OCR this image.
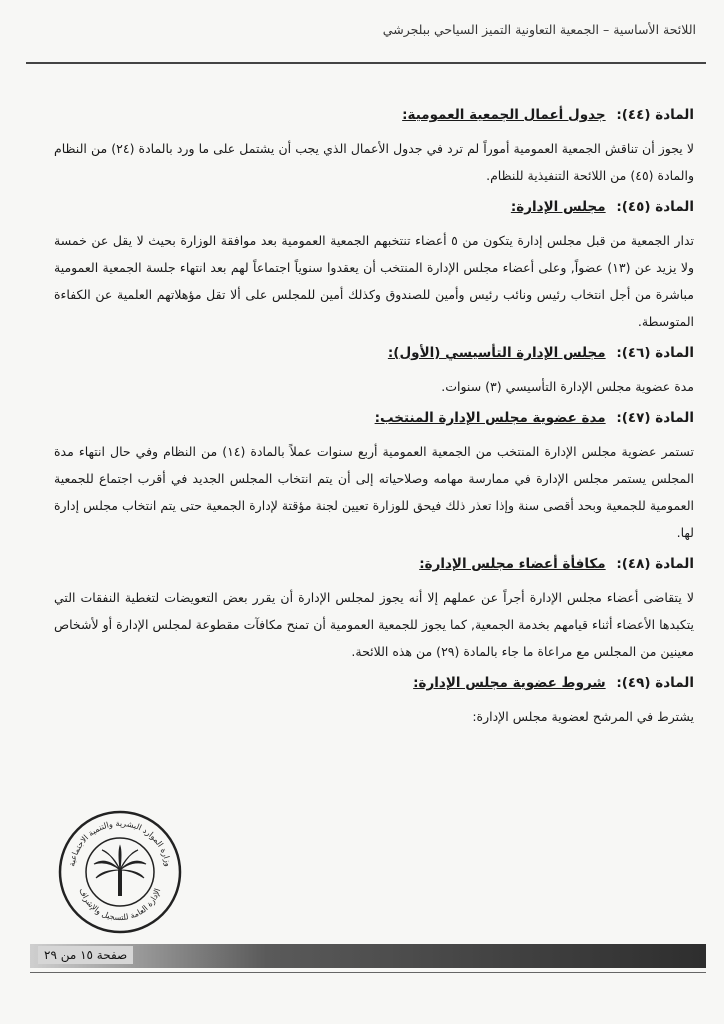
اللائحة الأساسية – الجمعية التعاونية التميز السياحي ببلجرشي
المادة (٤٤): جدول أعمال الجمعية العمومية:

لا يجوز أن تناقش الجمعية العمومية أموراً لم ترد في جدول الأعمال الذي يجب أن يشتمل على ما ورد بالمادة (٢٤) من النظام والمادة (٤٥) من اللائحة التنفيذية للنظام.

المادة (٤٥): مجلس الإدارة:

تدار الجمعية من قبل مجلس إدارة يتكون من ٥ أعضاء تنتخبهم الجمعية العمومية بعد موافقة الوزارة بحيث لا يقل عن خمسة ولا يزيد عن (١٣) عضواً, وعلى أعضاء مجلس الإدارة المنتخب أن يعقدوا سنوياً اجتماعاً لهم بعد انتهاء جلسة الجمعية العمومية مباشرة من أجل انتخاب رئيس ونائب رئيس وأمين للصندوق وكذلك أمين للمجلس على ألا تقل مؤهلاتهم العلمية عن الكفاءة المتوسطة.

المادة (٤٦): مجلس الإدارة التأسيسي (الأول):

مدة عضوية مجلس الإدارة التأسيسي (٣) سنوات.

المادة (٤٧): مدة عضوية مجلس الإدارة المنتخب:

تستمر عضوية مجلس الإدارة المنتخب من الجمعية العمومية أربع سنوات عملاً بالمادة (١٤) من النظام وفي حال انتهاء مدة المجلس يستمر مجلس الإدارة في ممارسة مهامه وصلاحياته إلى أن يتم انتخاب المجلس الجديد في أقرب اجتماع للجمعية العمومية للجمعية وبحد أقصى سنة وإذا تعذر ذلك فيحق للوزارة تعيين لجنة مؤقتة لإدارة الجمعية حتى يتم انتخاب مجلس إدارة لها.

المادة (٤٨): مكافأة أعضاء مجلس الإدارة:

لا يتقاضى أعضاء مجلس الإدارة أجراً عن عملهم إلا أنه يجوز لمجلس الإدارة أن يقرر بعض التعويضات لتغطية النفقات التي يتكبدها الأعضاء أثناء قيامهم بخدمة الجمعية, كما يجوز للجمعية العمومية أن تمنح مكافآت مقطوعة لمجلس الإدارة أو لأشخاص معينين من المجلس مع مراعاة ما جاء بالمادة (٢٩) من هذه اللائحة.

المادة (٤٩): شروط عضوية مجلس الإدارة:

يشترط في المرشح لعضوية مجلس الإدارة:

وزارة الموارد البشرية والتنمية الاجتماعية
الإدارة العامة للتسجيل والإشراف
صفحة ١٥ من ٢٩
